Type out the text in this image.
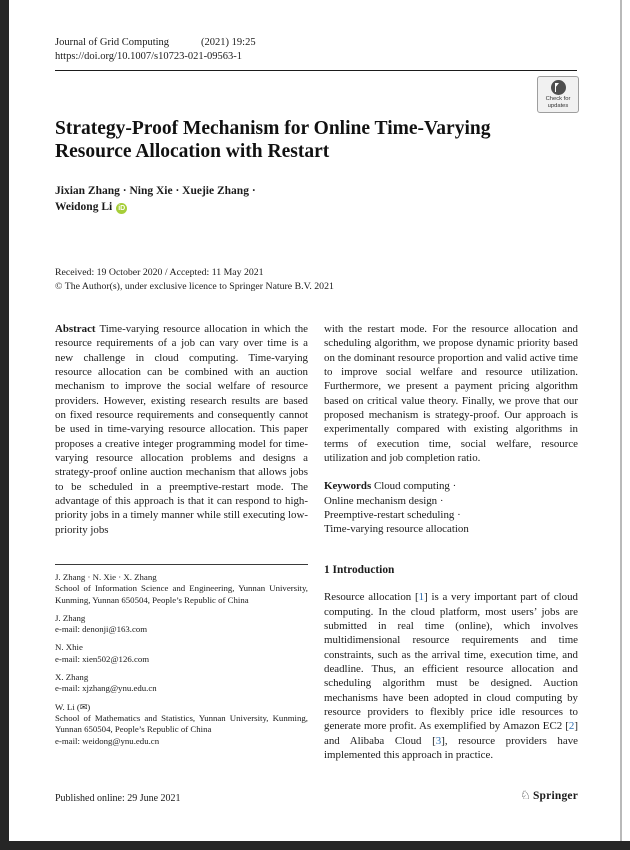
Journal of Grid Computing	(2021) 19:25
https://doi.org/10.1007/s10723-021-09563-1
Check for
updates
Strategy-Proof Mechanism for Online Time-Varying Resource Allocation with Restart
Jixian Zhang · Ning Xie · Xuejie Zhang ·
Weidong Li iD
Received: 19 October 2020 / Accepted: 11 May 2021
© The Author(s), under exclusive licence to Springer Nature B.V. 2021
Abstract Time-varying resource allocation in which the resource requirements of a job can vary over time is a new challenge in cloud computing. Time-varying resource allocation can be combined with an auction mechanism to improve the social welfare of resource providers. However, existing research results are based on fixed resource requirements and consequently cannot be used in time-varying resource allocation. This paper proposes a creative integer programming model for time-varying resource allocation problems and designs a strategy-proof online auction mechanism that allows jobs to be scheduled in a preemptive-restart mode. The advantage of this approach is that it can respond to high-priority jobs in a timely manner while still executing low-priority jobs
J. Zhang · N. Xie · X. Zhang
School of Information Science and Engineering, Yunnan University, Kunming, Yunnan 650504, People’s Republic of China
J. Zhang
e-mail: denonji@163.com
N. Xhie
e-mail: xien502@126.com
X. Zhang
e-mail: xjzhang@ynu.edu.cn
W. Li (✉)
School of Mathematics and Statistics, Yunnan University, Kunming, Yunnan 650504, People’s Republic of China
e-mail: weidong@ynu.edu.cn
with the restart mode. For the resource allocation and scheduling algorithm, we propose dynamic priority based on the dominant resource proportion and valid active time to improve social welfare and resource utilization. Furthermore, we present a payment pricing algorithm based on critical value theory. Finally, we prove that our proposed mechanism is strategy-proof. Our approach is experimentally compared with existing algorithms in terms of execution time, social welfare, resource utilization and job completion ratio.
Keywords Cloud computing ·
Online mechanism design ·
Preemptive-restart scheduling ·
Time-varying resource allocation
1 Introduction

Resource allocation [1] is a very important part of cloud computing. In the cloud platform, most users’ jobs are submitted in real time (online), which involves multidimensional resource requirements and time constraints, such as the arrival time, execution time, and deadline. Thus, an efficient resource allocation and scheduling algorithm must be designed. Auction mechanisms have been adopted in cloud computing by resource providers to flexibly price idle resources to generate more profit. As exemplified by Amazon EC2 [2] and Alibaba Cloud [3], resource providers have implemented this approach in practice.

Published online: 29 June 2021	♘ Springer
